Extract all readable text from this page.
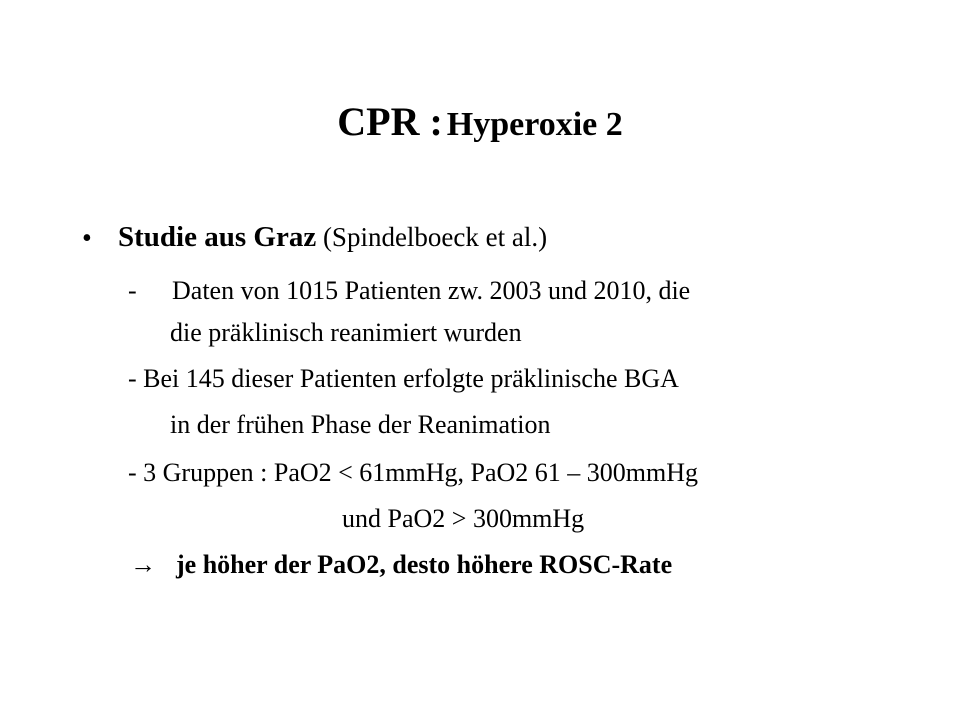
CPR : Hyperoxie 2
• Studie aus Graz (Spindelboeck et al.)
- Daten von 1015 Patienten zw. 2003 und 2010, die
die präklinisch reanimiert wurden
- Bei 145 dieser Patienten erfolgte präklinische BGA
in der frühen Phase der Reanimation
- 3 Gruppen : PaO2 < 61mmHg, PaO2 61 – 300mmHg
und PaO2 > 300mmHg
→ je höher der PaO2, desto höhere ROSC-Rate
